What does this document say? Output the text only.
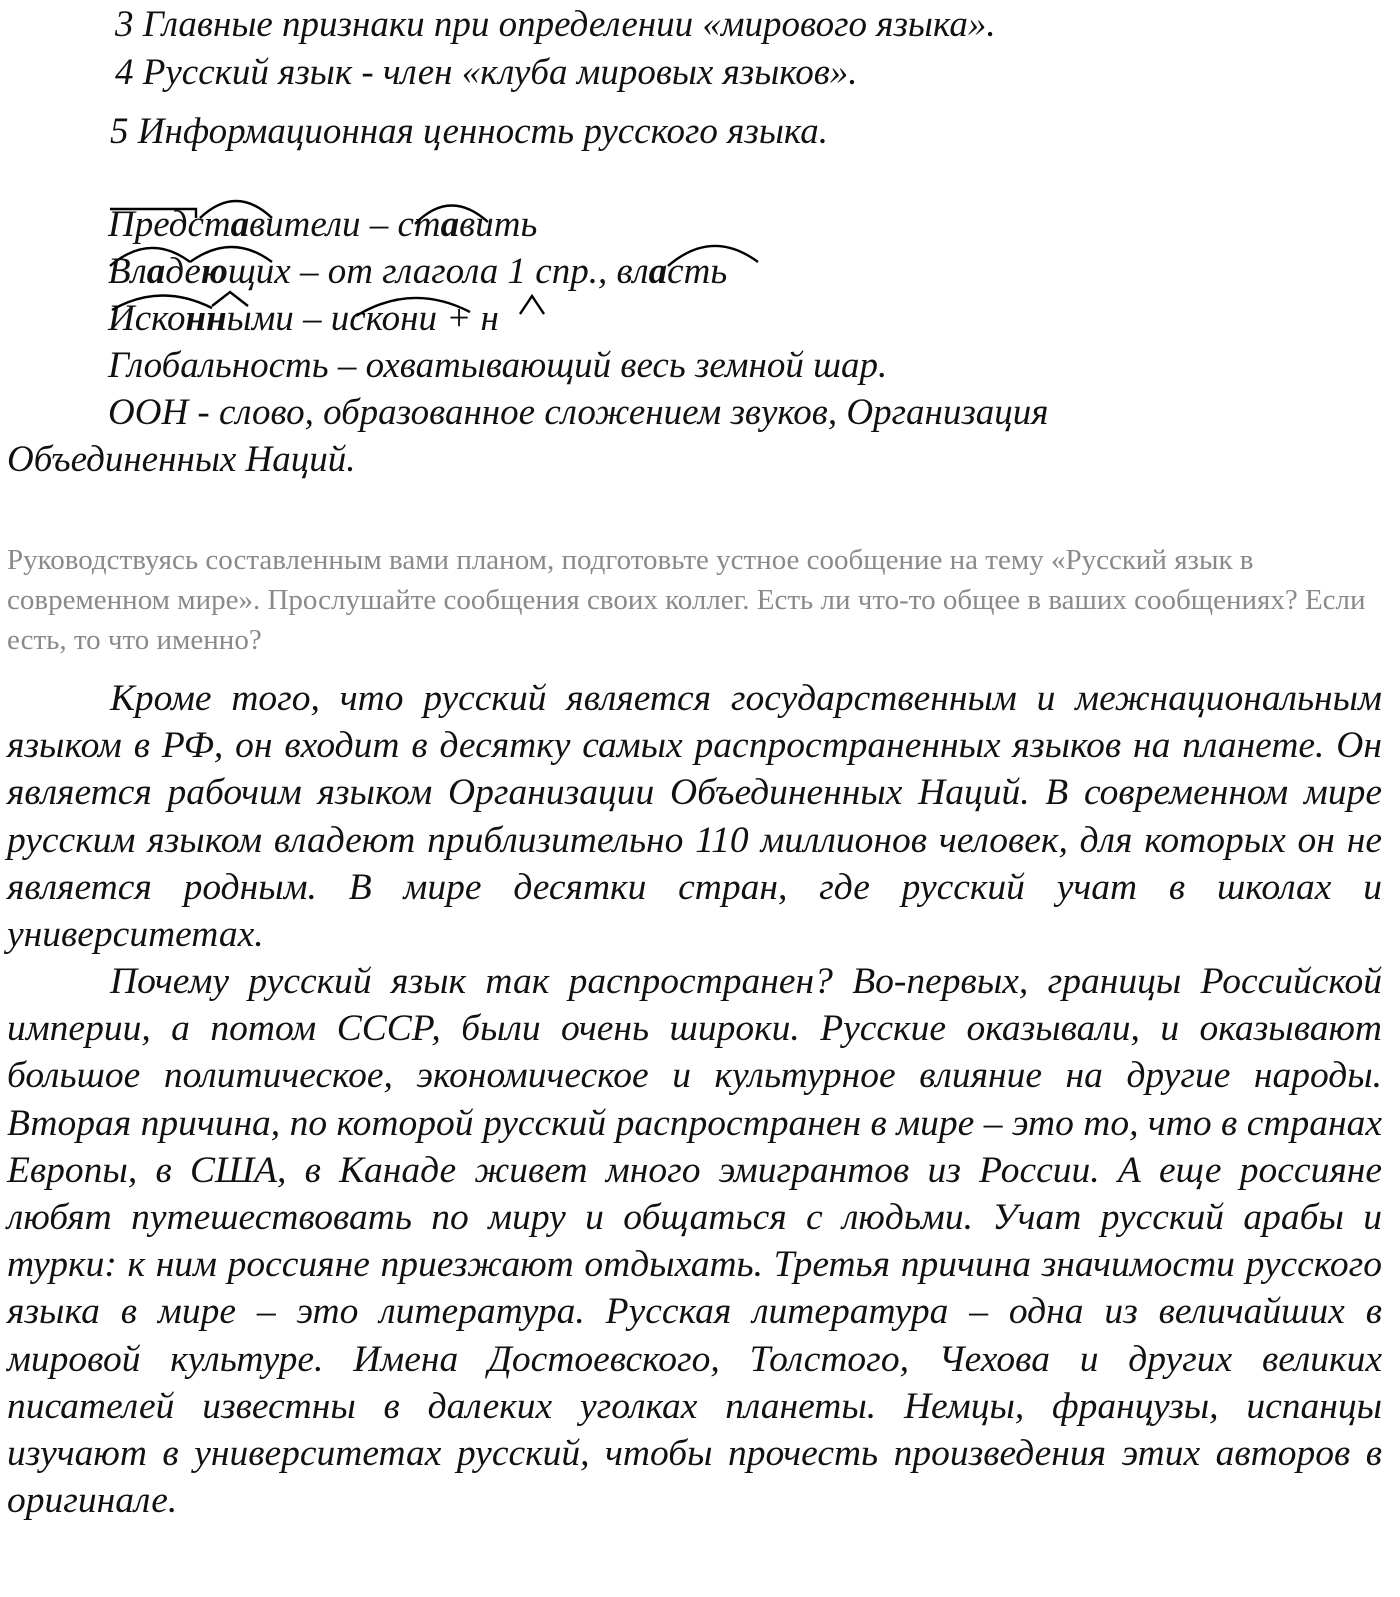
3 Главные признаки при определении «мирового языка».
4 Русский язык - член «клуба мировых языков».
5 Информационная ценность русского языка.
Представители – ставить
Владеющих – от глагола 1 спр., власть
Исконными – искони + н
Глобальность – охватывающий весь земной шар.
ООН - слово, образованное сложением звуков, Организация
Объединенных Наций.
Руководствуясь составленным вами планом, подготовьте устное сообщение на тему «Русский язык в современном мире». Прослушайте сообщения своих коллег. Есть ли что-то общее в ваших сообщениях? Если есть, то что именно?

Кроме того, что русский является государственным и межнациональным языком в РФ, он входит в десятку самых распространенных языков на планете. Он является рабочим языком Организации Объединенных Наций. В современном мире русским языком владеют приблизительно 110 миллионов человек, для которых он не является родным. В мире десятки стран, где русский учат в школах и университетах.

Почему русский язык так распространен? Во-первых, границы Российской империи, а потом СССР, были очень широки. Русские оказывали, и оказывают большое политическое, экономическое и культурное влияние на другие народы. Вторая причина, по которой русский распространен в мире – это то, что в странах Европы, в США, в Канаде живет много эмигрантов из России. А еще россияне любят путешествовать по миру и общаться с людьми. Учат русский арабы и турки: к ним россияне приезжают отдыхать. Третья причина значимости русского языка в мире – это литература. Русская литература – одна из величайших в мировой культуре. Имена Достоевского, Толстого, Чехова и других великих писателей известны в далеких уголках планеты. Немцы, французы, испанцы изучают в университетах русский, чтобы прочесть произведения этих авторов в оригинале.
